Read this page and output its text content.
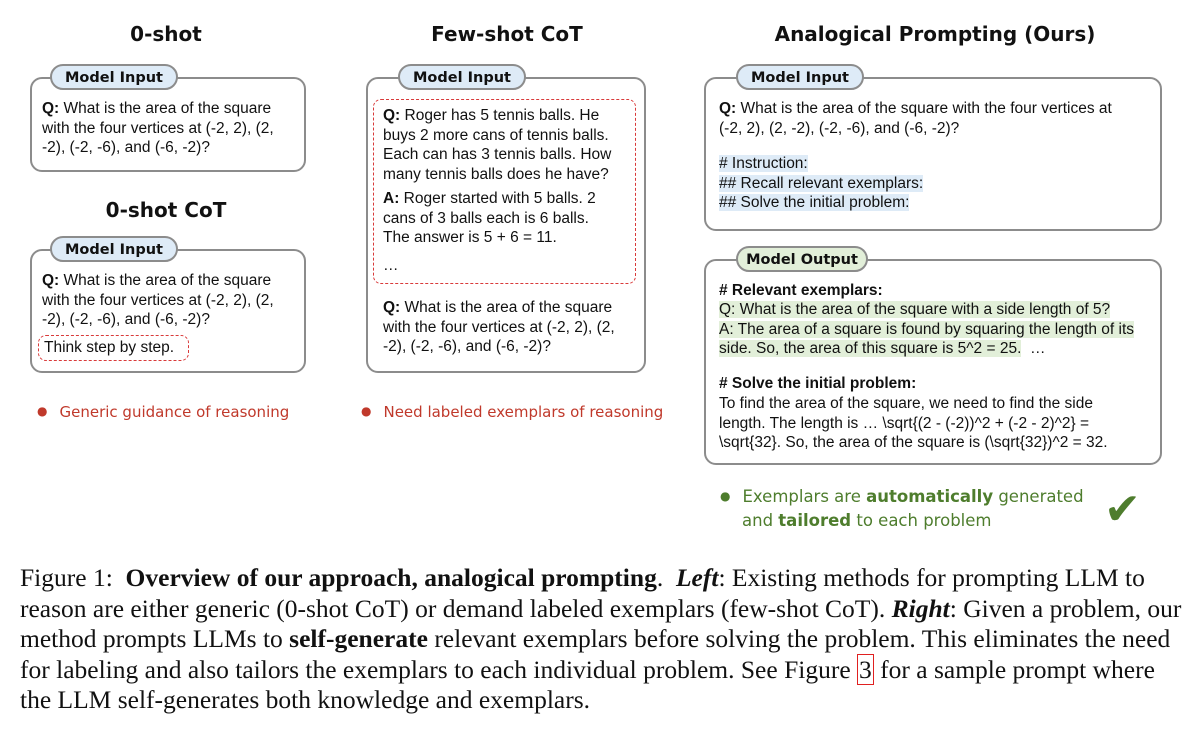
0-shot
Model Input
Q: What is the area of the square
with the four vertices at (-2, 2), (2,
-2), (-2, -6), and (-6, -2)?
0-shot CoT
Model Input
Q: What is the area of the square
with the four vertices at (-2, 2), (2,
-2), (-2, -6), and (-6, -2)?
Think step by step.
● Generic guidance of reasoning
Few-shot CoT
Model Input
Q: Roger has 5 tennis balls. He
buys 2 more cans of tennis balls.
Each can has 3 tennis balls. How
many tennis balls does he have?
A: Roger started with 5 balls. 2
cans of 3 balls each is 6 balls.
The answer is 5 + 6 = 11.
…
Q: What is the area of the square
with the four vertices at (-2, 2), (2,
-2), (-2, -6), and (-6, -2)?
● Need labeled exemplars of reasoning
Analogical Prompting (Ours)
Model Input
Q: What is the area of the square with the four vertices at
(-2, 2), (2, -2), (-2, -6), and (-6, -2)?
# Instruction:
## Recall relevant exemplars:
## Solve the initial problem:
Model Output
# Relevant exemplars:
Q: What is the area of the square with a side length of 5?
A: The area of a square is found by squaring the length of its
side. So, the area of this square is 5^2 = 25. …
# Solve the initial problem:
To find the area of the square, we need to find the side
length. The length is … \sqrt{(2 - (-2))^2 + (-2 - 2)^2} =
\sqrt{32}. So, the area of the square is (\sqrt{32})^2 = 32.
● Exemplars are automatically generated
and tailored to each problem	✔
Figure 1: Overview of our approach, analogical prompting.  Left: Existing methods for prompting LLM to reason are either generic (0-shot CoT) or demand labeled exemplars (few-shot CoT). Right: Given a problem, our method prompts LLMs to self-generate relevant exemplars before solving the problem. This eliminates the need for labeling and also tailors the exemplars to each individual problem. See Figure 3 for a sample prompt where the LLM self-generates both knowledge and exemplars.
